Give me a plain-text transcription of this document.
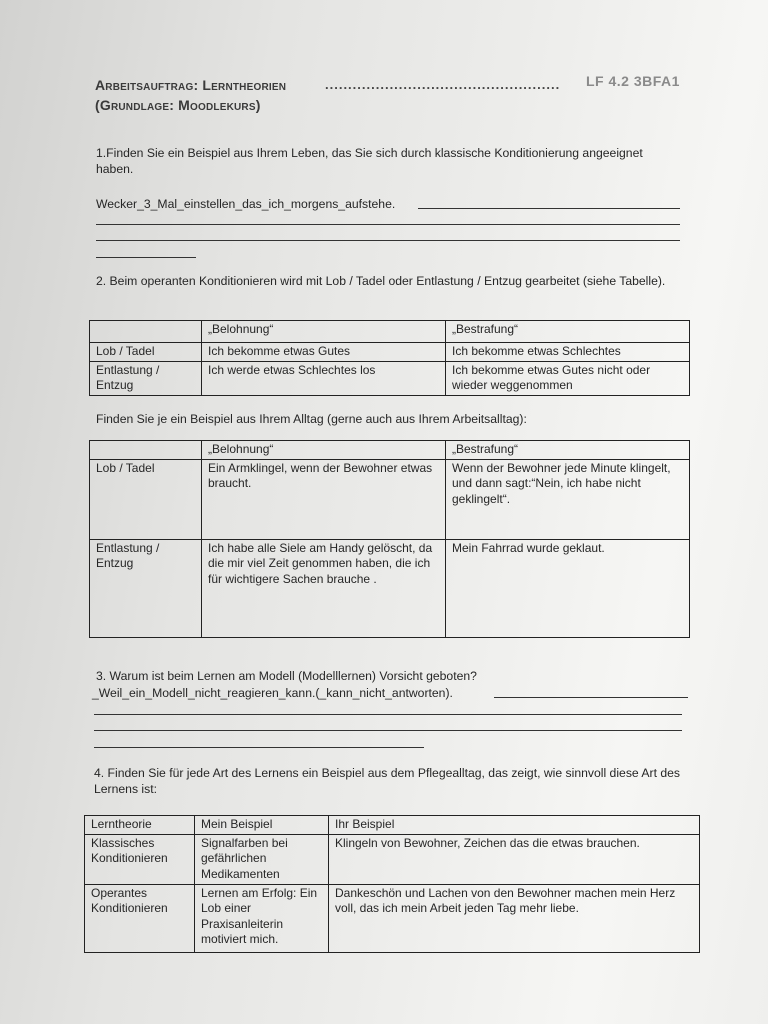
Arbeitsauftrag: Lerntheorien	................................................... LF 4.2 3BFA1
(Grundlage: Moodlekurs)
1.Finden Sie ein Beispiel aus Ihrem Leben, das Sie sich durch klassische Konditionierung angeeignet haben.
Wecker_3_Mal_einstellen_das_ich_morgens_aufstehe.
2. Beim operanten Konditionieren wird mit Lob / Tadel oder Entlastung / Entzug gearbeitet (siehe Tabelle).
	„Belohnung“	„Bestrafung“
Lob / Tadel	Ich bekomme etwas Gutes	Ich bekomme etwas Schlechtes
Entlastung / Entzug	Ich werde etwas Schlechtes los	Ich bekomme etwas Gutes nicht oder wieder weggenommen
Finden Sie je ein Beispiel aus Ihrem Alltag (gerne auch aus Ihrem Arbeitsalltag):
	„Belohnung“	„Bestrafung“
Lob / Tadel	Ein Armklingel, wenn der Bewohner etwas braucht.	Wenn der Bewohner jede Minute klingelt, und dann sagt:“Nein, ich habe nicht geklingelt“.
Entlastung / Entzug	Ich habe alle Siele am Handy gelöscht, da die mir viel Zeit genommen haben, die ich für wichtigere Sachen brauche .	Mein Fahrrad wurde geklaut.
3. Warum ist beim Lernen am Modell (Modelllernen) Vorsicht geboten?
_Weil_ein_Modell_nicht_reagieren_kann.(_kann_nicht_antworten).
4. Finden Sie für jede Art des Lernens ein Beispiel aus dem Pflegealltag, das zeigt, wie sinnvoll diese Art des Lernens ist:
Lerntheorie	Mein Beispiel	Ihr Beispiel
Klassisches Konditionieren	Signalfarben bei gefährlichen Medikamenten	Klingeln von Bewohner, Zeichen das die etwas brauchen.
Operantes Konditionieren	Lernen am Erfolg: Ein Lob einer Praxisanleiterin motiviert mich.	Dankeschön und Lachen von den Bewohner machen mein Herz voll, das ich mein Arbeit jeden Tag mehr liebe.
